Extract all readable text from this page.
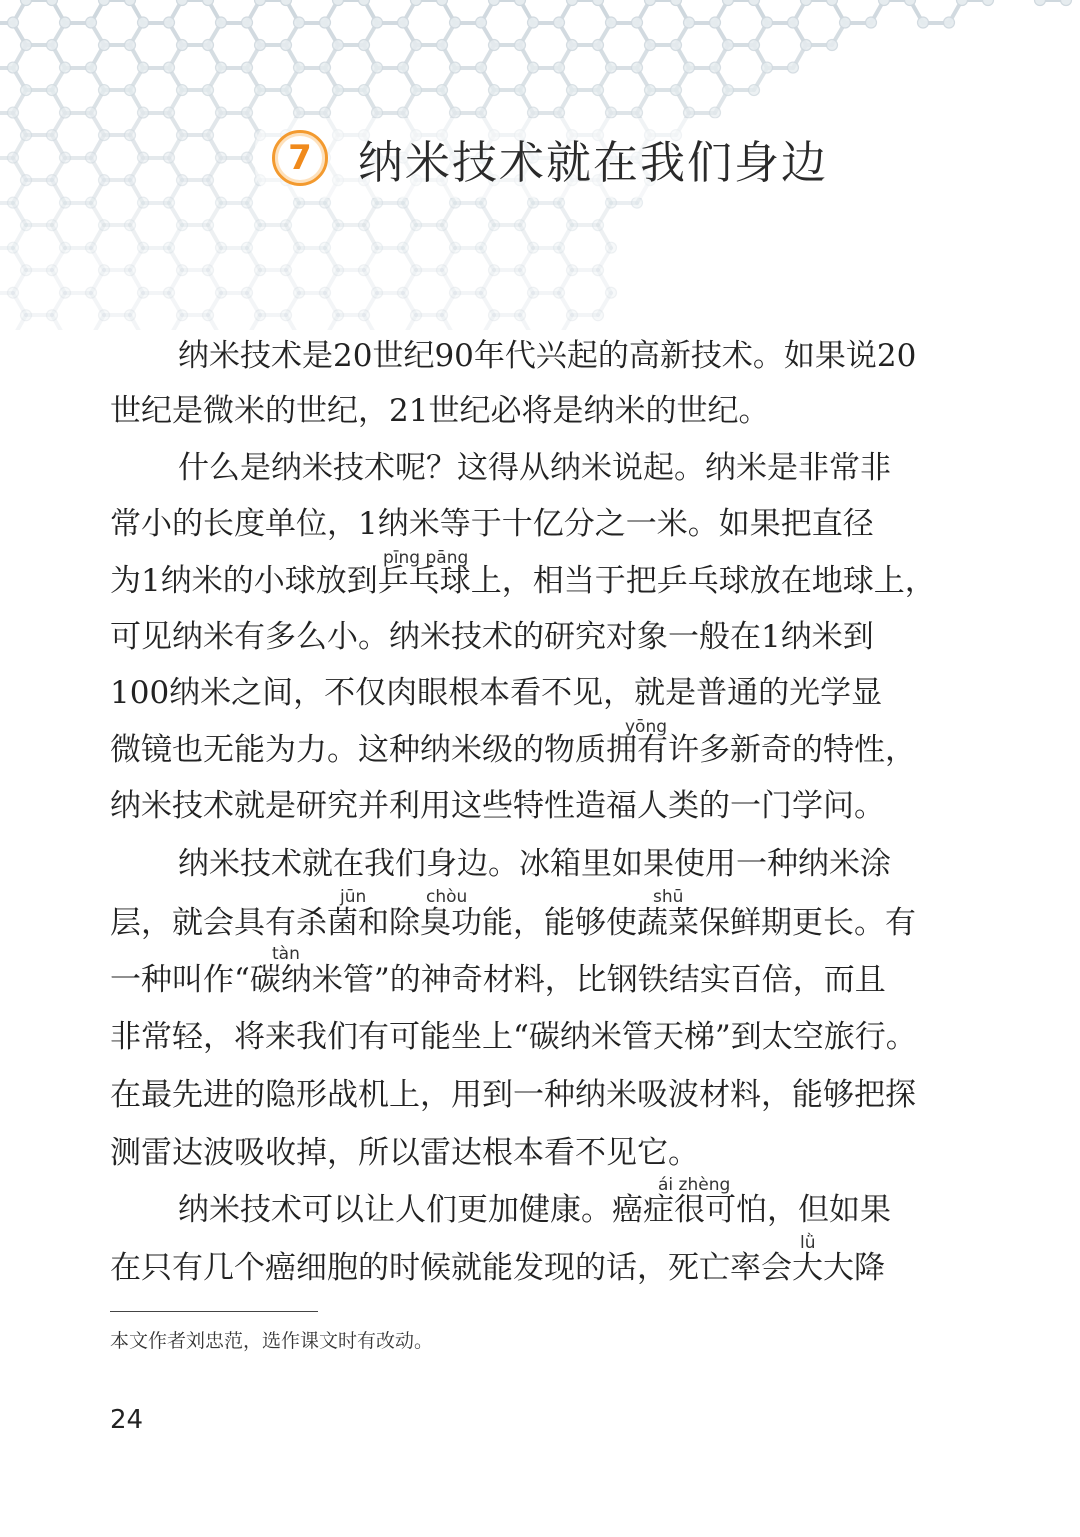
7	纳米技术就在我们身边
纳米技术是20世纪90年代兴起的高新技术。如果说20
世纪是微米的世纪，21世纪必将是纳米的世纪。
什么是纳米技术呢？这得从纳米说起。纳米是非常非
常小的长度单位，1纳米等于十亿分之一米。如果把直径
为1纳米的小球放到乒乓球上，相当于把乒乓球放在地球上，
可见纳米有多么小。纳米技术的研究对象一般在1纳米到
100纳米之间，不仅肉眼根本看不见，就是普通的光学显
微镜也无能为力。这种纳米级的物质拥有许多新奇的特性，
纳米技术就是研究并利用这些特性造福人类的一门学问。
纳米技术就在我们身边。冰箱里如果使用一种纳米涂
层，就会具有杀菌和除臭功能，能够使蔬菜保鲜期更长。有
一种叫作“碳纳米管”的神奇材料，比钢铁结实百倍，而且
非常轻，将来我们有可能坐上“碳纳米管天梯”到太空旅行。
在最先进的隐形战机上，用到一种纳米吸波材料，能够把探
测雷达波吸收掉，所以雷达根本看不见它。
纳米技术可以让人们更加健康。癌症很可怕，但如果
在只有几个癌细胞的时候就能发现的话，死亡率会大大降
pīng pāng
yōng
jūn	chòu	shū
tàn
ái zhèng
lǜ
本文作者刘忠范，选作课文时有改动。
24
